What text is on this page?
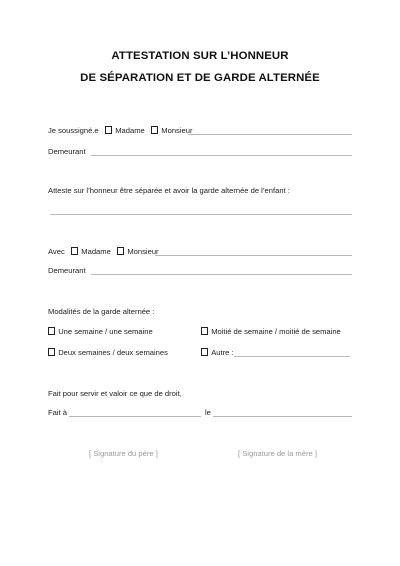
ATTESTATION SUR L’HONNEUR
DE SÉPARATION ET DE GARDE ALTERNÉE
Je soussigné.e Madame Monsieur
Demeurant
Atteste sur l’honneur être séparée et avoir la garde alternée de l’enfant :
Avec Madame Monsieur
Demeurant
Modalités de la garde alternée :
Une semaine / une semaine	Moitié de semaine / moitié de semaine
Deux semaines / deux semaines	Autre :
Fait pour servir et valoir ce que de droit,
Fait à	le
[ Signature du père ]	[ Signature de la mère ]
